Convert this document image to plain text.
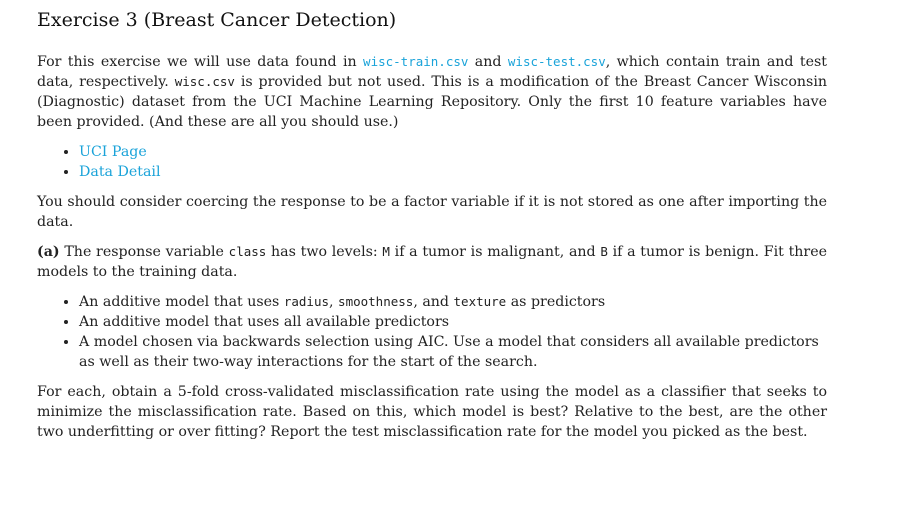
Exercise 3 (Breast Cancer Detection)

For this exercise we will use data found in wisc-train.csv and wisc-test.csv, which contain train and test data, respectively. wisc.csv is provided but not used. This is a modification of the Breast Cancer Wisconsin (Diagnostic) dataset from the UCI Machine Learning Repository. Only the first 10 feature variables have been provided. (And these are all you should use.)

• UCI Page
• Data Detail

You should consider coercing the response to be a factor variable if it is not stored as one after importing the data.

(a) The response variable class has two levels: M if a tumor is malignant, and B if a tumor is benign. Fit three models to the training data.

• An additive model that uses radius, smoothness, and texture as predictors
• An additive model that uses all available predictors
• A model chosen via backwards selection using AIC. Use a model that considers all available predictors as well as their two-way interactions for the start of the search.

For each, obtain a 5-fold cross-validated misclassification rate using the model as a classifier that seeks to minimize the misclassification rate. Based on this, which model is best? Relative to the best, are the other two underfitting or over fitting? Report the test misclassification rate for the model you picked as the best.
